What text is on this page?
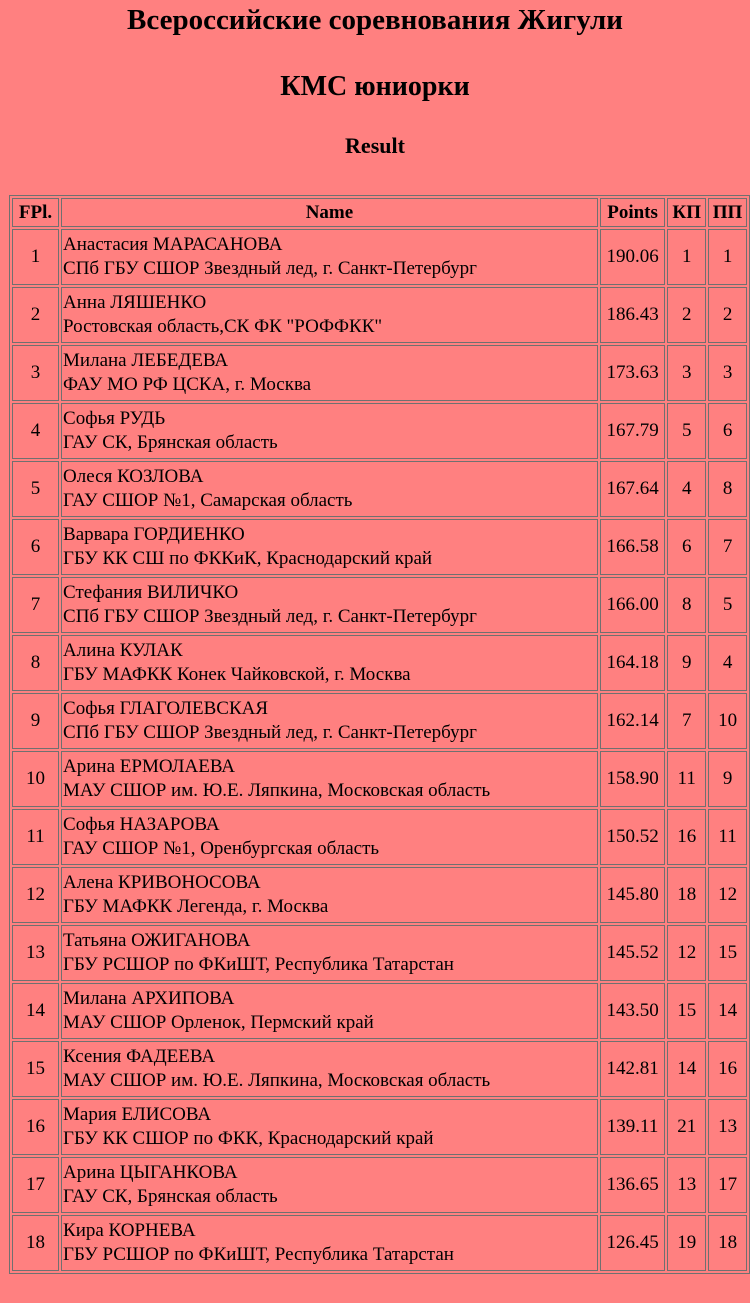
Всероссийские соревнования Жигули
КМС юниорки
Result
FPl.	Name	Points	КП	ПП
1	Анастасия МАРАСАНОВА
СПб ГБУ СШОР Звездный лед, г. Санкт-Петербург	190.06	1	1
2	Анна ЛЯШЕНКО
Ростовская область,СК ФК "РОФФКК"	186.43	2	2
3	Милана ЛЕБЕДЕВА
ФАУ МО РФ ЦСКА, г. Москва	173.63	3	3
4	Софья РУДЬ
ГАУ СК, Брянская область	167.79	5	6
5	Олеся КОЗЛОВА
ГАУ СШОР №1, Самарская область	167.64	4	8
6	Варвара ГОРДИЕНКО
ГБУ КК СШ по ФККиК, Краснодарский край	166.58	6	7
7	Стефания ВИЛИЧКО
СПб ГБУ СШОР Звездный лед, г. Санкт-Петербург	166.00	8	5
8	Алина КУЛАК
ГБУ МАФКК Конек Чайковской, г. Москва	164.18	9	4
9	Софья ГЛАГОЛЕВСКАЯ
СПб ГБУ СШОР Звездный лед, г. Санкт-Петербург	162.14	7	10
10	Арина ЕРМОЛАЕВА
МАУ СШОР им. Ю.Е. Ляпкина, Московская область	158.90	11	9
11	Софья НАЗАРОВА
ГАУ СШОР №1, Оренбургская область	150.52	16	11
12	Алена КРИВОНОСОВА
ГБУ МАФКК Легенда, г. Москва	145.80	18	12
13	Татьяна ОЖИГАНОВА
ГБУ РСШОР по ФКиШТ, Республика Татарстан	145.52	12	15
14	Милана АРХИПОВА
МАУ СШОР Орленок, Пермский край	143.50	15	14
15	Ксения ФАДЕЕВА
МАУ СШОР им. Ю.Е. Ляпкина, Московская область	142.81	14	16
16	Мария ЕЛИСОВА
ГБУ КК СШОР по ФКК, Краснодарский край	139.11	21	13
17	Арина ЦЫГАНКОВА
ГАУ СК, Брянская область	136.65	13	17
18	Кира КОРНЕВА
ГБУ РСШОР по ФКиШТ, Республика Татарстан	126.45	19	18
